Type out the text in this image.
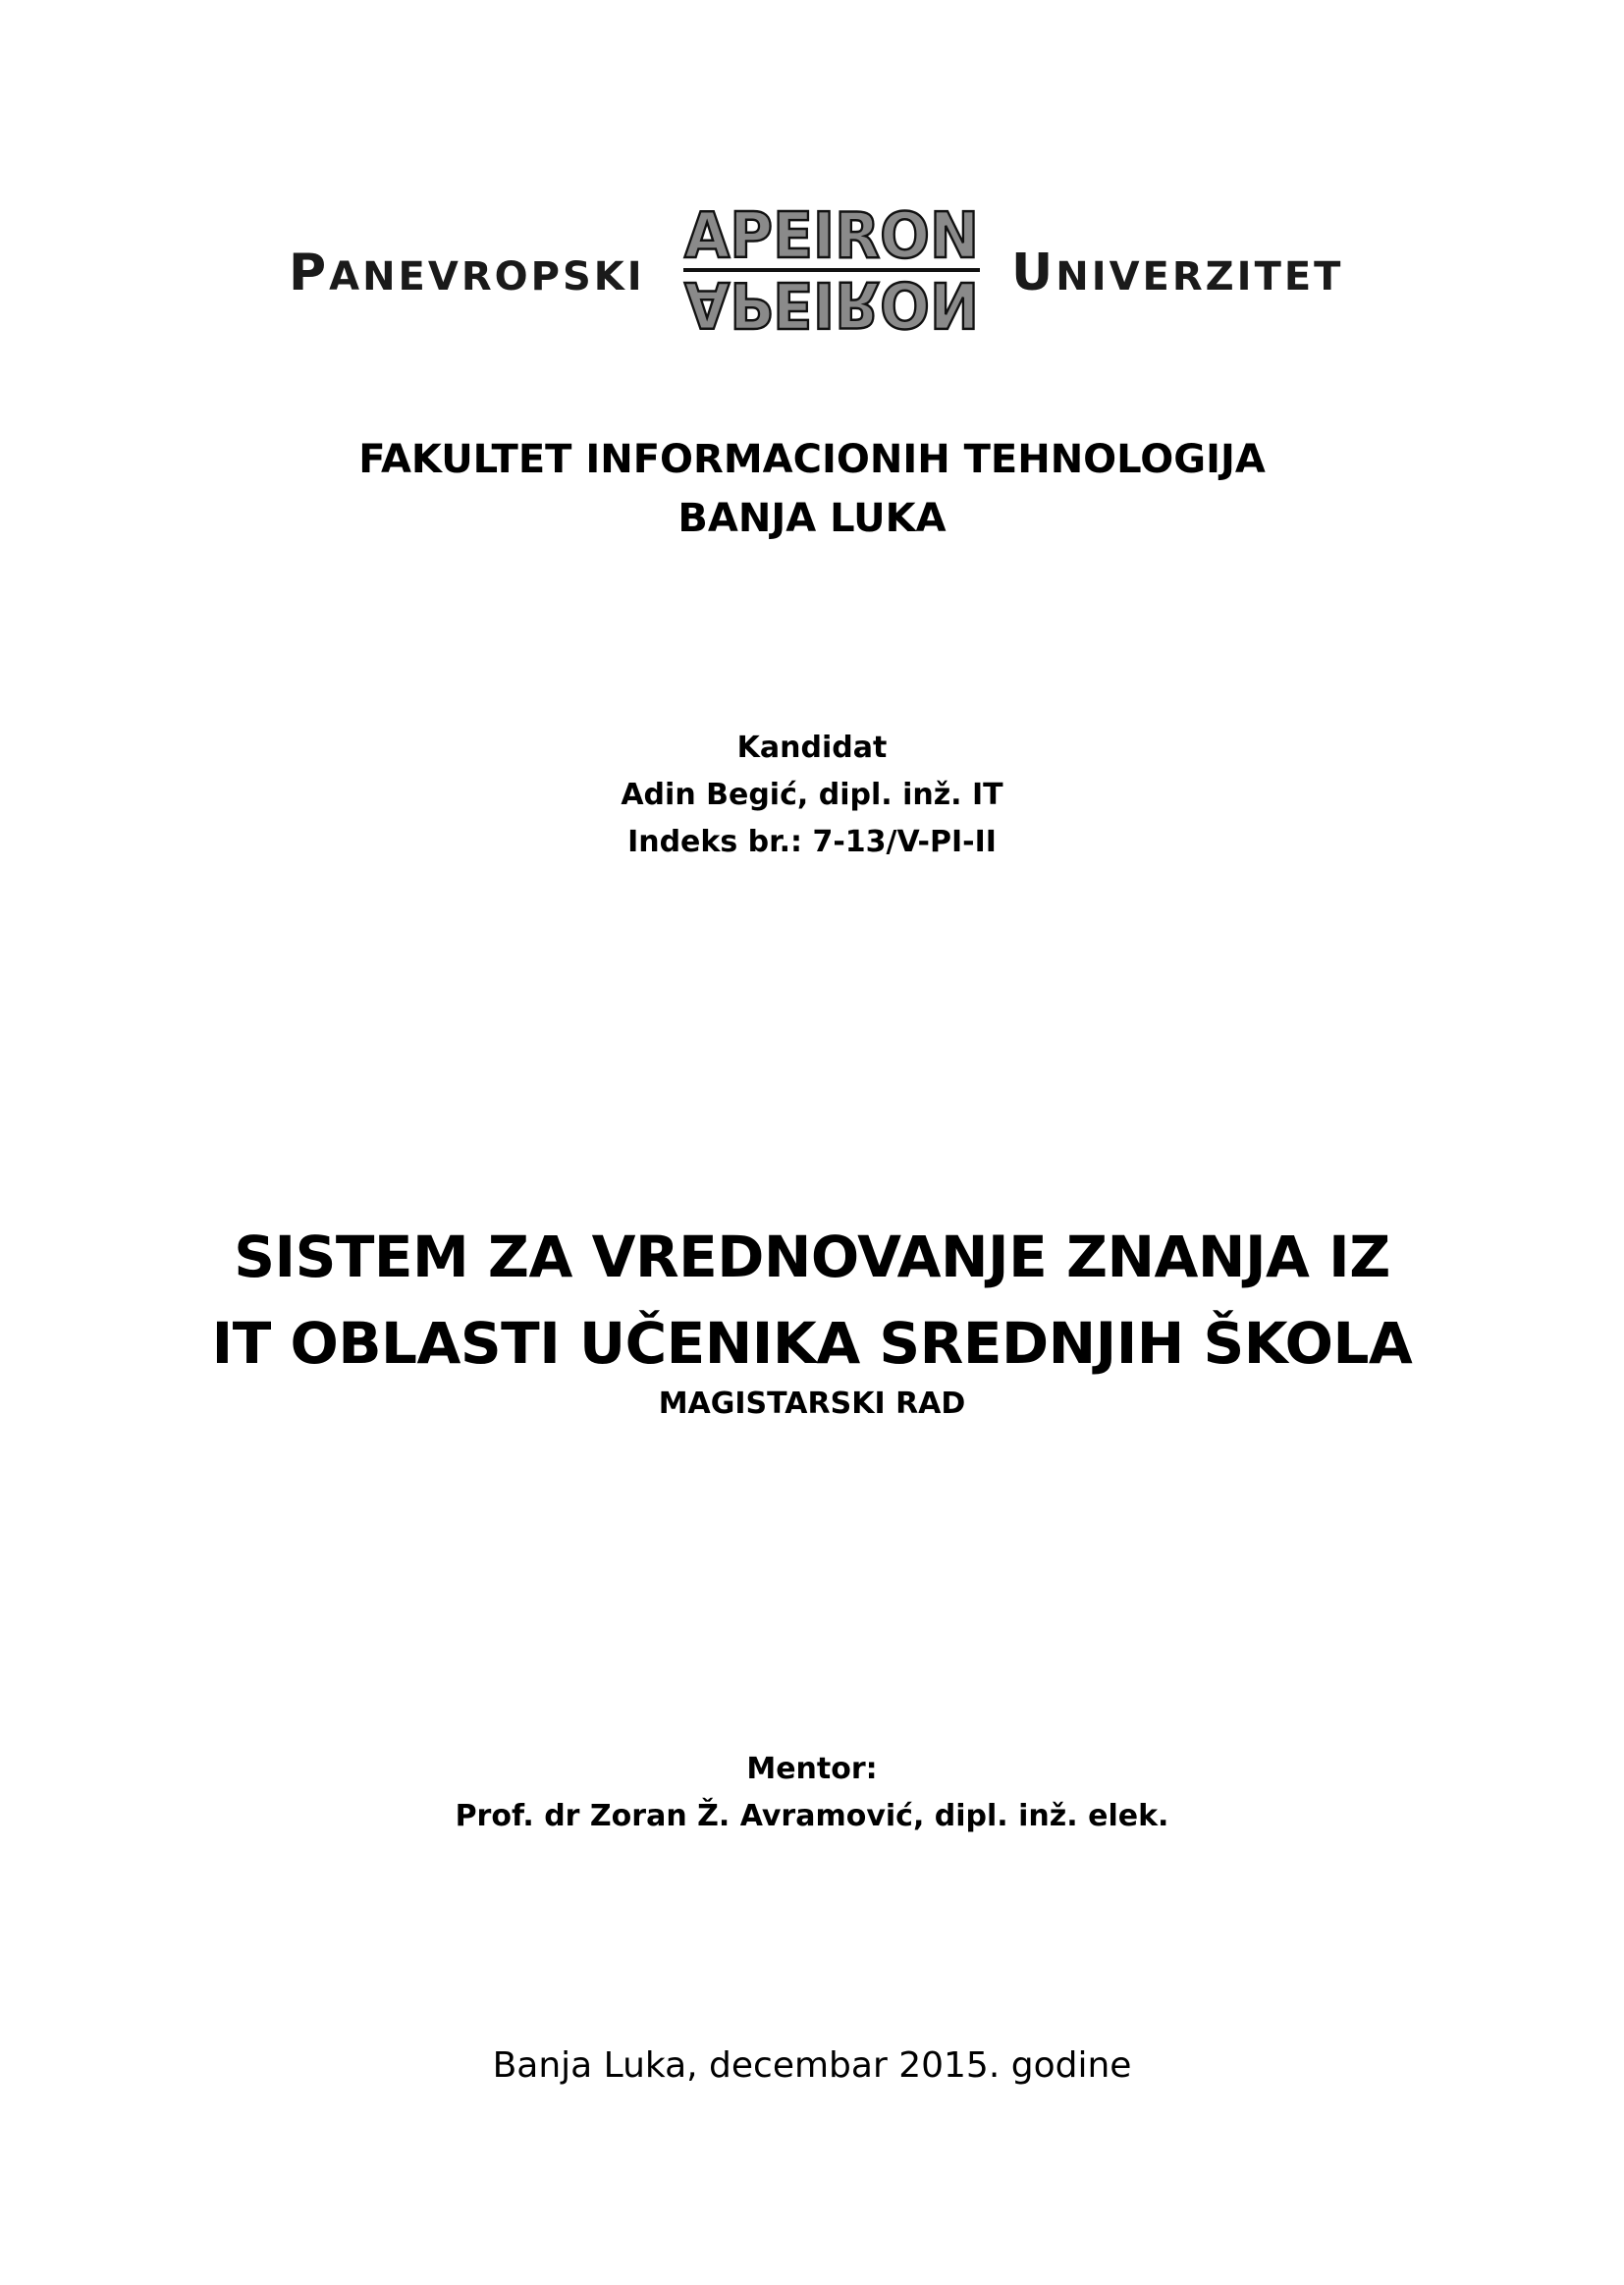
PANEVROPSKI
APEIRON
APEIRON UNIVERZITET
FAKULTET INFORMACIONIH TEHNOLOGIJA
BANJA LUKA
Kandidat
Adin Begić, dipl. inž. IT
Indeks br.: 7-13/V-PI-II
SISTEM ZA VREDNOVANJE ZNANJA IZ
IT OBLASTI UČENIKA SREDNJIH ŠKOLA
MAGISTARSKI RAD
Mentor:
Prof. dr Zoran Ž. Avramović, dipl. inž. elek.
Banja Luka, decembar 2015. godine
